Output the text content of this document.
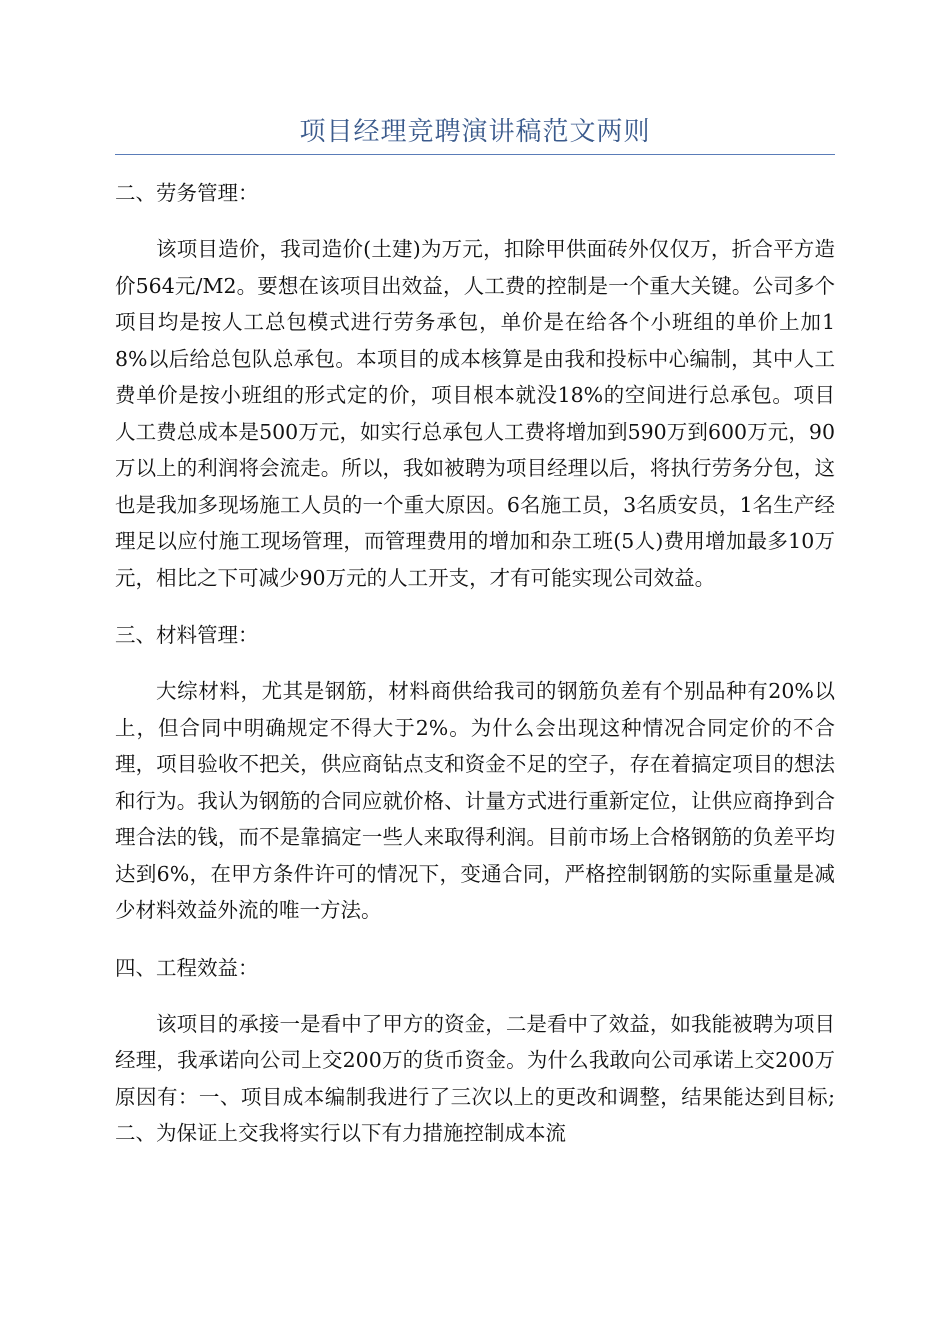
项目经理竞聘演讲稿范文两则

二、劳务管理：

该项目造价，我司造价(土建)为万元，扣除甲供面砖外仅仅万，折合平方造价564元/M2。要想在该项目出效益，人工费的控制是一个重大关键。公司多个项目均是按人工总包模式进行劳务承包，单价是在给各个小班组的单价上加18%以后给总包队总承包。本项目的成本核算是由我和投标中心编制，其中人工费单价是按小班组的形式定的价，项目根本就没18%的空间进行总承包。项目人工费总成本是500万元，如实行总承包人工费将增加到590万到600万元，90万以上的利润将会流走。所以，我如被聘为项目经理以后，将执行劳务分包，这也是我加多现场施工人员的一个重大原因。6名施工员，3名质安员，1名生产经理足以应付施工现场管理，而管理费用的增加和杂工班(5人)费用增加最多10万元，相比之下可减少90万元的人工开支，才有可能实现公司效益。

三、材料管理：

大综材料，尤其是钢筋，材料商供给我司的钢筋负差有个别品种有20%以上，但合同中明确规定不得大于2%。为什么会出现这种情况合同定价的不合理，项目验收不把关，供应商钻点支和资金不足的空子，存在着搞定项目的想法和行为。我认为钢筋的合同应就价格、计量方式进行重新定位，让供应商挣到合理合法的钱，而不是靠搞定一些人来取得利润。目前市场上合格钢筋的负差平均达到6%，在甲方条件许可的情况下，变通合同，严格控制钢筋的实际重量是减少材料效益外流的唯一方法。

四、工程效益：

该项目的承接一是看中了甲方的资金，二是看中了效益，如我能被聘为项目经理，我承诺向公司上交200万的货币资金。为什么我敢向公司承诺上交200万原因有：一、项目成本编制我进行了三次以上的更改和调整，结果能达到目标;二、为保证上交我将实行以下有力措施控制成本流
